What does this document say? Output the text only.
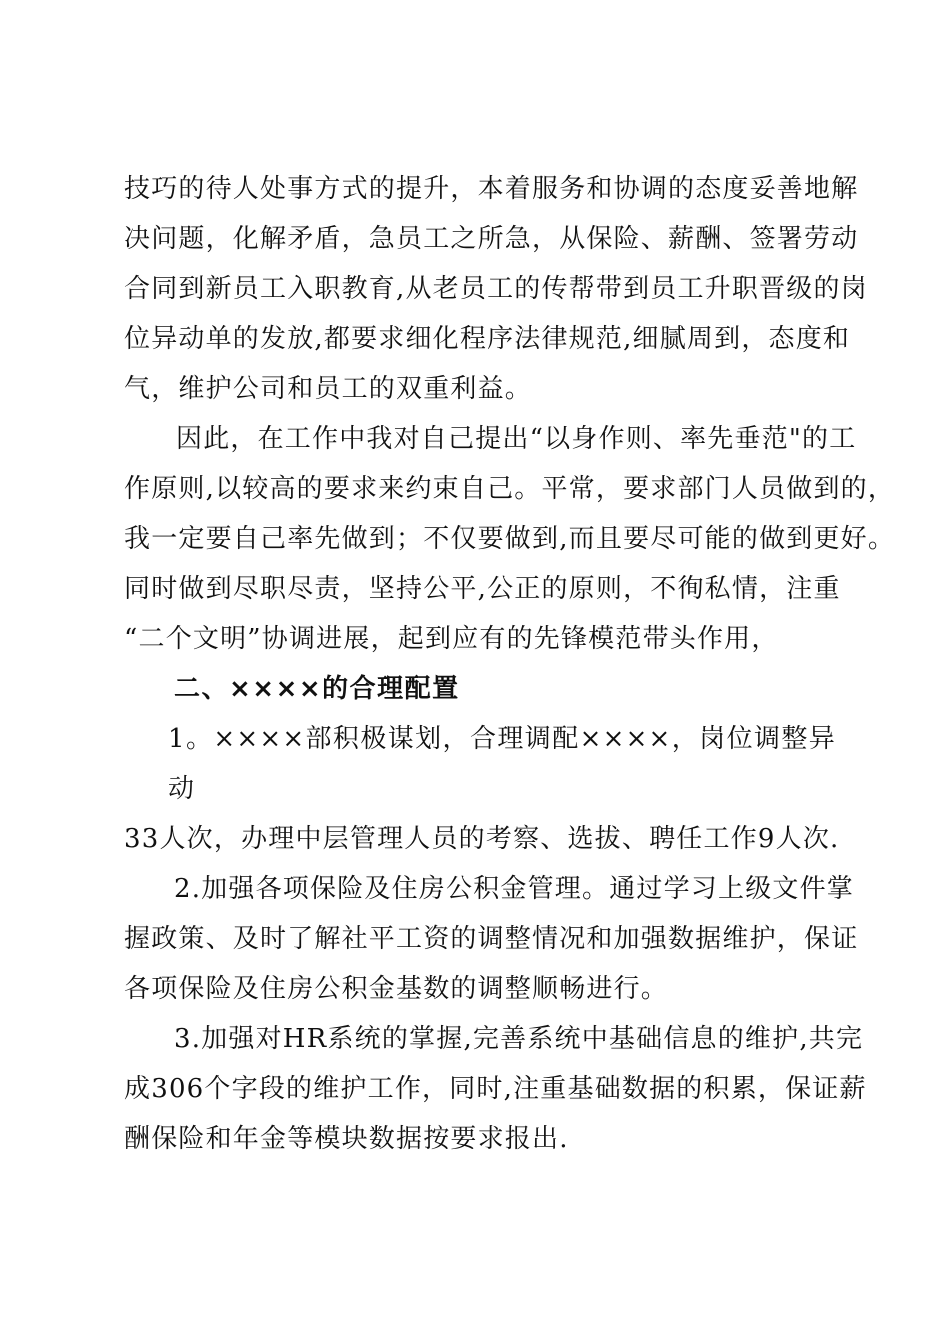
技巧的待人处事方式的提升，本着服务和协调的态度妥善地解
决问题，化解矛盾，急员工之所急，从保险、薪酬、签署劳动
合同到新员工入职教育,从老员工的传帮带到员工升职晋级的岗
位异动单的发放,都要求细化程序法律规范,细腻周到，态度和
气，维护公司和员工的双重利益。
因此，在工作中我对自己提出“以身作则、率先垂范"的工
作原则,以较高的要求来约束自己。平常，要求部门人员做到的，
我一定要自己率先做到；不仅要做到,而且要尽可能的做到更好。
同时做到尽职尽责，坚持公平,公正的原则，不徇私情，注重
“二个文明”协调进展，起到应有的先锋模范带头作用，
二、××××的合理配置
1。××××部积极谋划，合理调配××××，岗位调整异
动
33人次，办理中层管理人员的考察、选拔、聘任工作9人次.
2.加强各项保险及住房公积金管理。通过学习上级文件掌
握政策、及时了解社平工资的调整情况和加强数据维护，保证
各项保险及住房公积金基数的调整顺畅进行。
3.加强对HR系统的掌握,完善系统中基础信息的维护,共完
成306个字段的维护工作，同时,注重基础数据的积累，保证薪
酬保险和年金等模块数据按要求报出.
